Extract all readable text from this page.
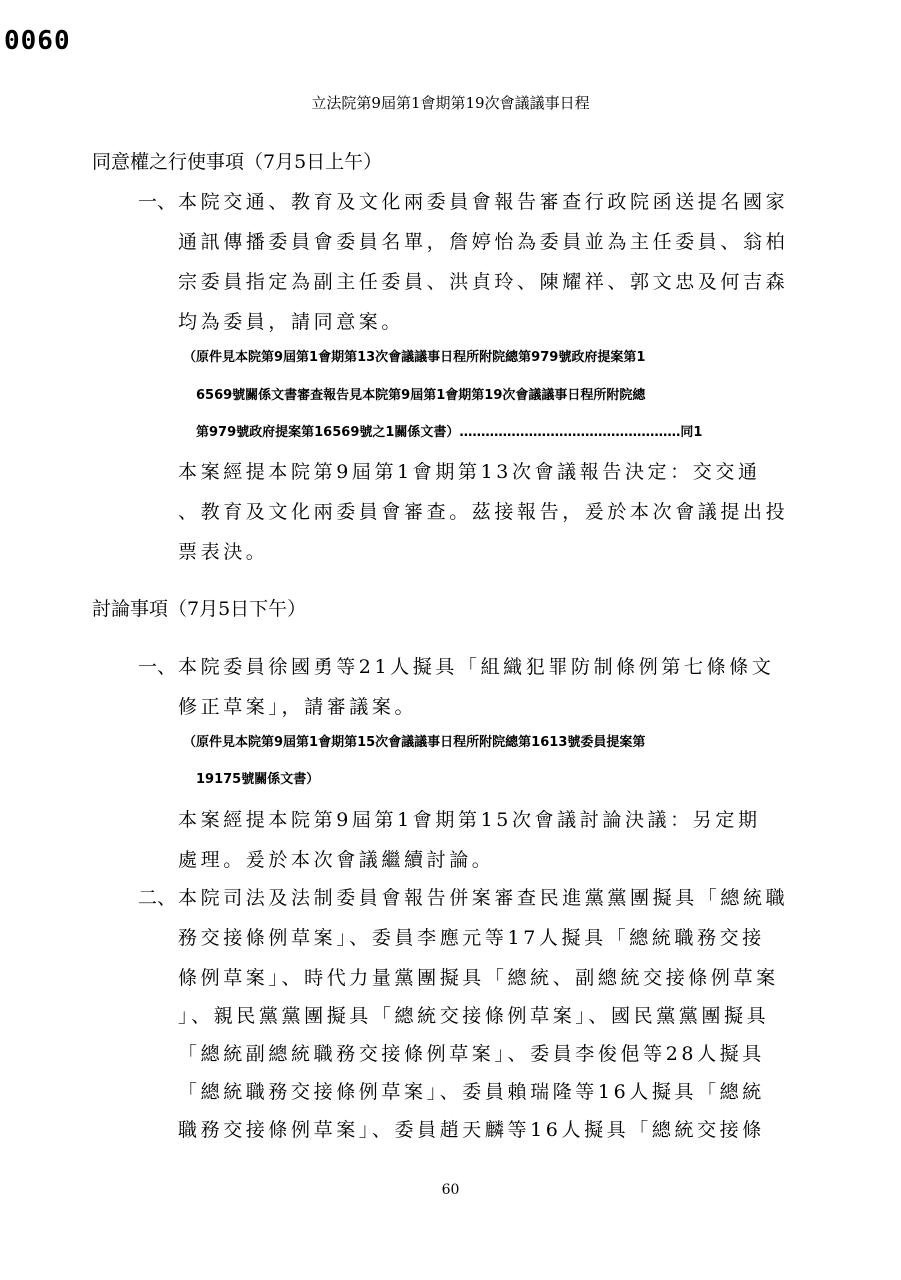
0060
立法院第9屆第1會期第19次會議議事日程
同意權之行使事項（7月5日上午）
一、 本院交通、教育及文化兩委員會報告審查行政院函送提名國家
通訊傳播委員會委員名單，詹婷怡為委員並為主任委員、翁柏
宗委員指定為副主任委員、洪貞玲、陳耀祥、郭文忠及何吉森
均為委員，請同意案。
（原件見本院第9屆第1會期第13次會議議事日程所附院總第979號政府提案第1
6569號關係文書審查報告見本院第9屆第1會期第19次會議議事日程所附院總
第979號政府提案第16569號之1關係文書）……………………………………………同1
本案經提本院第9屆第1會期第13次會議報告決定：交交通
、教育及文化兩委員會審查。茲接報告，爰於本次會議提出投
票表決。
討論事項（7月5日下午）
一、 本院委員徐國勇等21人擬具「組織犯罪防制條例第七條條文
修正草案」，請審議案。
（原件見本院第9屆第1會期第15次會議議事日程所附院總第1613號委員提案第
19175號關係文書）
本案經提本院第9屆第1會期第15次會議討論決議：另定期
處理。爰於本次會議繼續討論。
二、 本院司法及法制委員會報告併案審查民進黨黨團擬具「總統職
務交接條例草案」、委員李應元等17人擬具「總統職務交接
條例草案」、時代力量黨團擬具「總統、副總統交接條例草案
」、親民黨黨團擬具「總統交接條例草案」、國民黨黨團擬具
「總統副總統職務交接條例草案」、委員李俊俋等28人擬具
「總統職務交接條例草案」、委員賴瑞隆等16人擬具「總統
職務交接條例草案」、委員趙天麟等16人擬具「總統交接條
60
